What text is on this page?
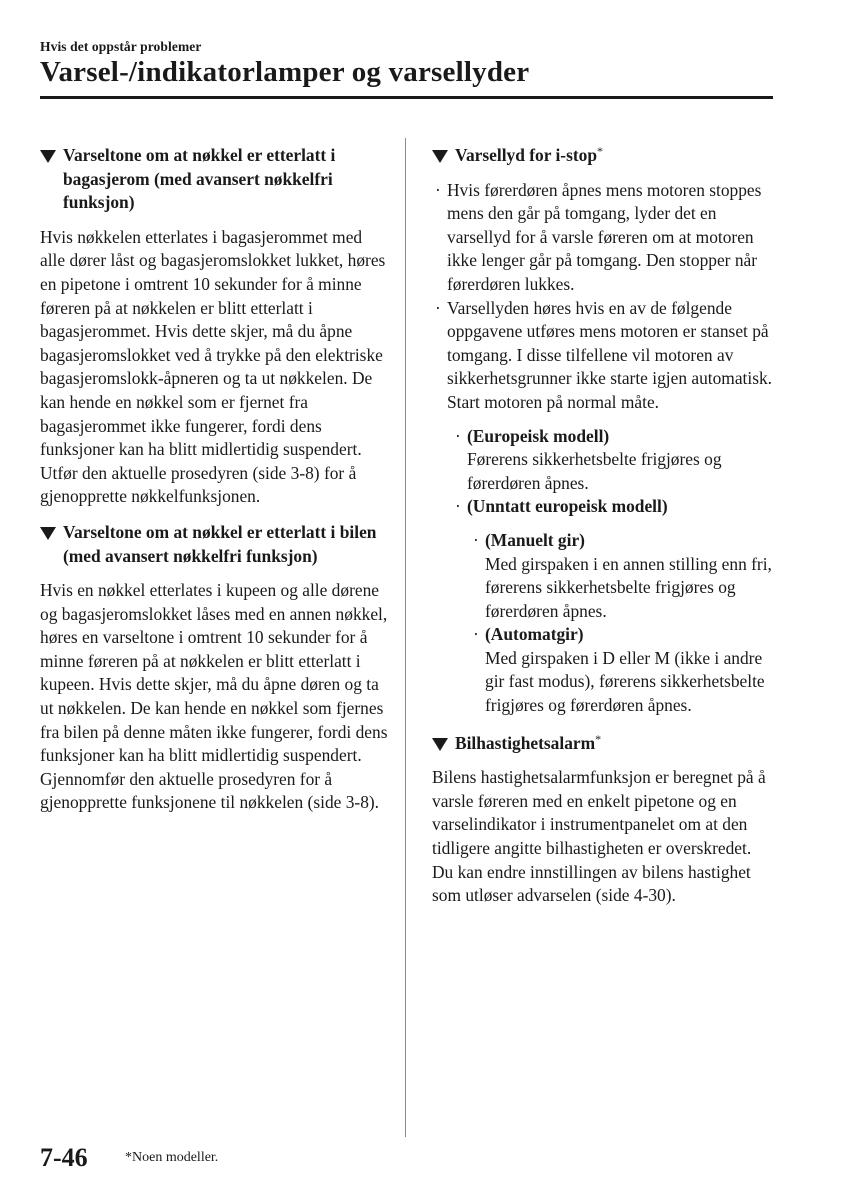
Hvis det oppstår problemer
Varsel-/indikatorlamper og varsellyder
Varseltone om at nøkkel er etterlatt i bagasjerom (med avansert nøkkelfri funksjon)

Hvis nøkkelen etterlates i bagasjerommet med alle dører låst og bagasjeromslokket lukket, høres en pipetone i omtrent 10 sekunder for å minne føreren på at nøkkelen er blitt etterlatt i bagasjerommet. Hvis dette skjer, må du åpne bagasjeromslokket ved å trykke på den elektriske bagasjeromslokk-åpneren og ta ut nøkkelen. De kan hende en nøkkel som er fjernet fra bagasjerommet ikke fungerer, fordi dens funksjoner kan ha blitt midlertidig suspendert. Utfør den aktuelle prosedyren (side 3-8) for å gjenopprette nøkkelfunksjonen.

Varseltone om at nøkkel er etterlatt i bilen (med avansert nøkkelfri funksjon)

Hvis en nøkkel etterlates i kupeen og alle dørene og bagasjeromslokket låses med en annen nøkkel, høres en varseltone i omtrent 10 sekunder for å minne føreren på at nøkkelen er blitt etterlatt i kupeen. Hvis dette skjer, må du åpne døren og ta ut nøkkelen. De kan hende en nøkkel som fjernes fra bilen på denne måten ikke fungerer, fordi dens funksjoner kan ha blitt midlertidig suspendert. Gjennomfør den aktuelle prosedyren for å gjenopprette funksjonene til nøkkelen (side 3-8).

Varsellyd for i-stop*
· Hvis førerdøren åpnes mens motoren stoppes mens den går på tomgang, lyder det en varsellyd for å varsle føreren om at motoren ikke lenger går på tomgang. Den stopper når førerdøren lukkes.
· Varsellyden høres hvis en av de følgende oppgavene utføres mens motoren er stanset på tomgang. I disse tilfellene vil motoren av sikkerhetsgrunner ikke starte igjen automatisk. Start motoren på normal måte.
· (Europeisk modell)
Førerens sikkerhetsbelte frigjøres og førerdøren åpnes.
· (Unntatt europeisk modell)
· (Manuelt gir)
Med girspaken i en annen stilling enn fri, førerens sikkerhetsbelte frigjøres og førerdøren åpnes.
· (Automatgir)
Med girspaken i D eller M (ikke i andre gir fast modus), førerens sikkerhetsbelte frigjøres og førerdøren åpnes.
Bilhastighetsalarm*

Bilens hastighetsalarmfunksjon er beregnet på å varsle føreren med en enkelt pipetone og en varselindikator i instrumentpanelet om at den tidligere angitte bilhastigheten er overskredet.

Du kan endre innstillingen av bilens hastighet som utløser advarselen (side 4-30).

7-46	*Noen modeller.
